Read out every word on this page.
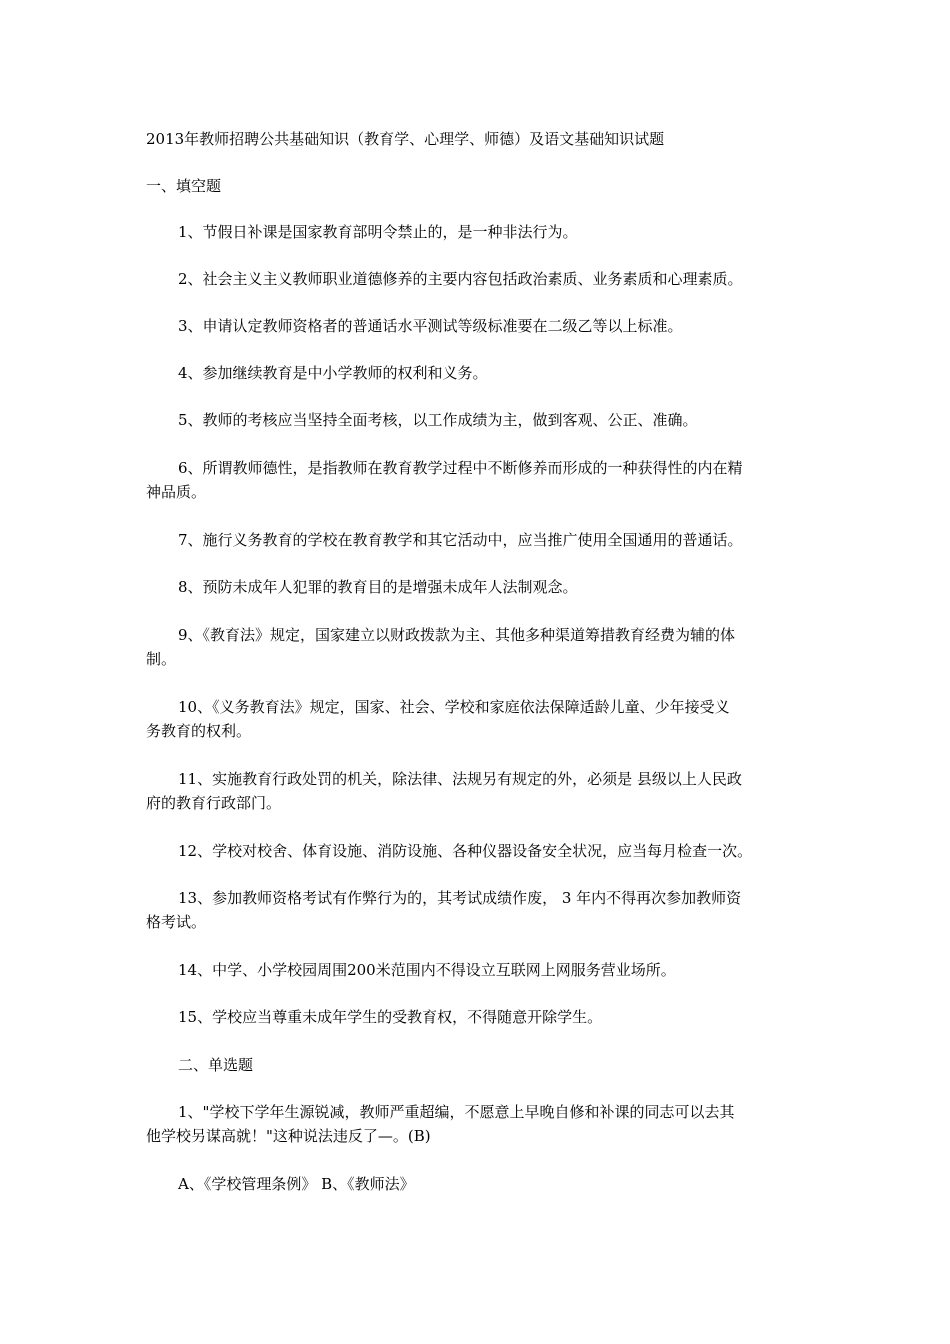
2013年教师招聘公共基础知识（教育学、心理学、师德）及语文基础知识试题
一、填空题
1、节假日补课是国家教育部明令禁止的，是一种非法行为。
2、社会主义主义教师职业道德修养的主要内容包括政治素质、业务素质和心理素质。
3、申请认定教师资格者的普通话水平测试等级标准要在二级乙等以上标准。
4、参加继续教育是中小学教师的权利和义务。
5、教师的考核应当坚持全面考核，以工作成绩为主，做到客观、公正、准确。
6、所谓教师德性，是指教师在教育教学过程中不断修养而形成的一种获得性的内在精
神品质。
7、施行义务教育的学校在教育教学和其它活动中，应当推广使用全国通用的普通话。
8、预防未成年人犯罪的教育目的是增强未成年人法制观念。
9、《教育法》规定，国家建立以财政拨款为主、其他多种渠道筹措教育经费为辅的体
制。
10、《义务教育法》规定，国家、社会、学校和家庭依法保障适龄儿童、少年接受义
务教育的权利。
11、实施教育行政处罚的机关，除法律、法规另有规定的外，必须是 县级以上人民政
府的教育行政部门。
12、学校对校舍、体育设施、消防设施、各种仪器设备安全状况，应当每月检查一次。
13、参加教师资格考试有作弊行为的，其考试成绩作废， 3 年内不得再次参加教师资
格考试。
14、中学、小学校园周围200米范围内不得设立互联网上网服务营业场所。
15、学校应当尊重未成年学生的受教育权，不得随意开除学生。
二、单选题
1、"学校下学年生源锐减，教师严重超编，不愿意上早晚自修和补课的同志可以去其
他学校另谋高就！"这种说法违反了—。(B)
A、《学校管理条例》 B、《教师法》
